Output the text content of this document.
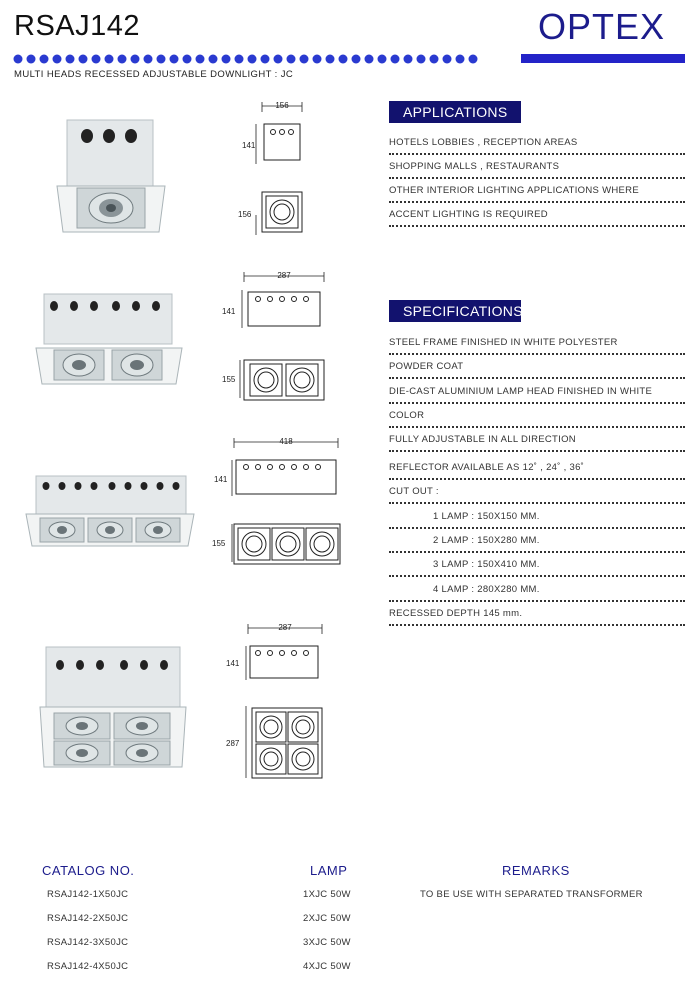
RSAJ142	OPTEX
MULTI HEADS RECESSED ADJUSTABLE DOWNLIGHT : JC
156
141
156
287
141
155
418
141
155
287
141
287
APPLICATIONS
HOTELS LOBBIES , RECEPTION AREAS
SHOPPING MALLS , RESTAURANTS
OTHER INTERIOR LIGHTING APPLICATIONS WHERE
ACCENT LIGHTING IS REQUIRED
SPECIFICATIONS
STEEL FRAME FINISHED IN WHITE POLYESTER
POWDER COAT
DIE-CAST ALUMINIUM LAMP HEAD FINISHED IN WHITE
COLOR
FULLY ADJUSTABLE IN ALL DIRECTION
REFLECTOR AVAILABLE AS 12˚ , 24˚ , 36˚
CUT OUT :
1 LAMP : 150X150 MM.
2 LAMP : 150X280 MM.
3 LAMP : 150X410 MM.
4 LAMP : 280X280 MM.
RECESSED DEPTH 145 mm.
CATALOG NO.	LAMP	REMARKS
RSAJ142-1X50JC	1XJC 50W	TO BE USE WITH SEPARATED TRANSFORMER
RSAJ142-2X50JC	2XJC 50W
RSAJ142-3X50JC	3XJC 50W
RSAJ142-4X50JC	4XJC 50W
